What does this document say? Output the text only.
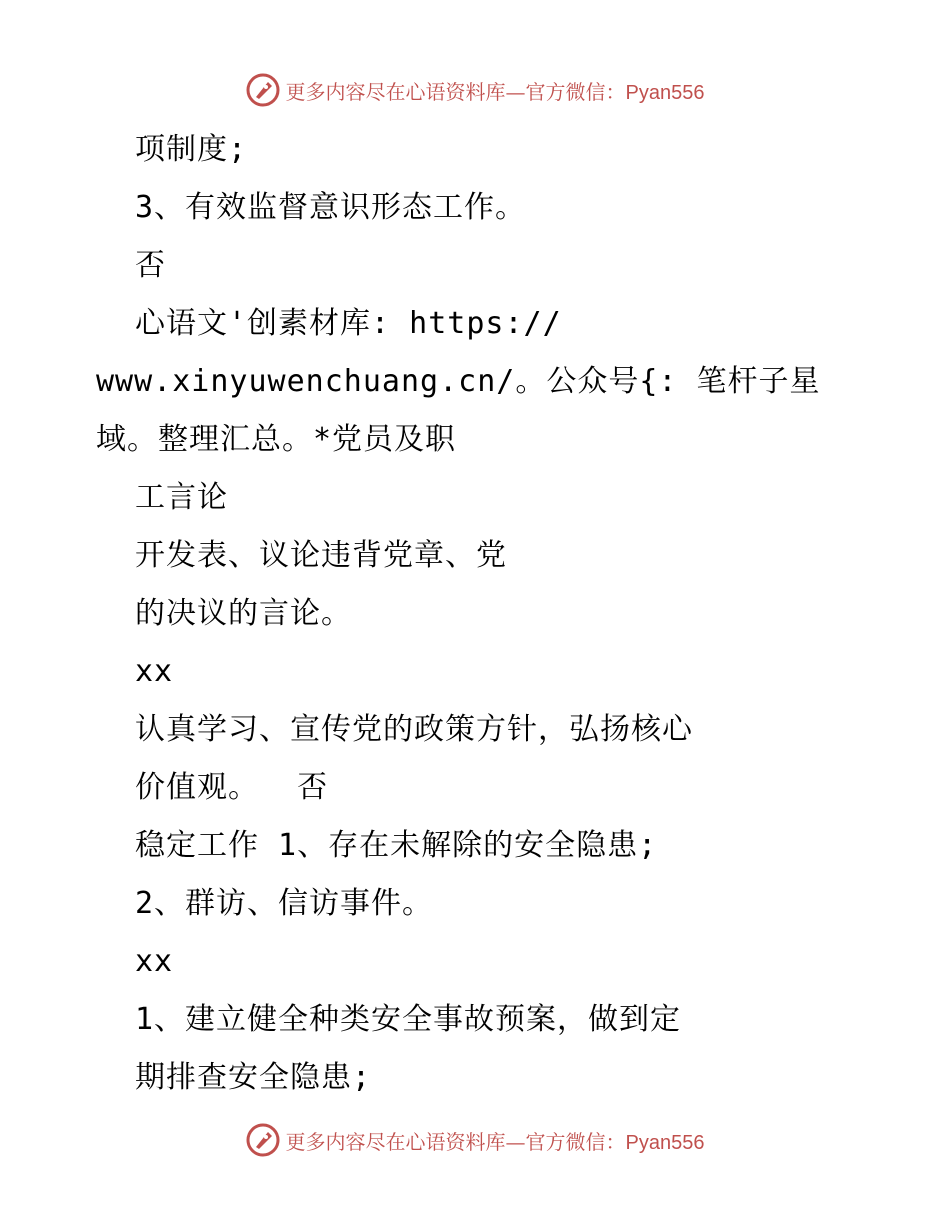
更多内容尽在心语资料库—官方微信：Pyan556
项制度;
3、有效监督意识形态工作。
否
心语文'创素材库: https://
www.xinyuwenchuang.cn/。公众号{: 笔杆子星
域。整理汇总。*党员及职
工言论
开发表、议论违背党章、党
的决议的言论。
xx
认真学习、宣传党的政策方针，弘扬核心
价值观。  否
稳定工作 1、存在未解除的安全隐患;
2、群访、信访事件。
xx
1、建立健全种类安全事故预案，做到定
期排查安全隐患;
更多内容尽在心语资料库—官方微信：Pyan556
